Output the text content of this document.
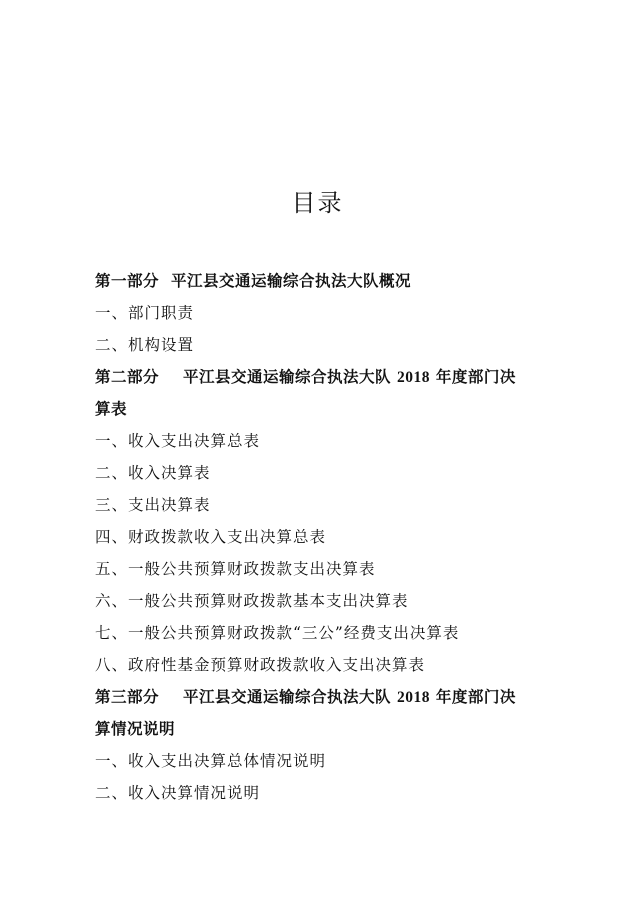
目录
第一部分 平江县交通运输综合执法大队概况
一、部门职责
二、机构设置
第二部分 平江县交通运输综合执法大队 2018 年度部门决
算表
一、收入支出决算总表
二、收入决算表
三、支出决算表
四、财政拨款收入支出决算总表
五、一般公共预算财政拨款支出决算表
六、一般公共预算财政拨款基本支出决算表
七、一般公共预算财政拨款“三公”经费支出决算表
八、政府性基金预算财政拨款收入支出决算表
第三部分 平江县交通运输综合执法大队 2018 年度部门决
算情况说明
一、收入支出决算总体情况说明
二、收入决算情况说明
